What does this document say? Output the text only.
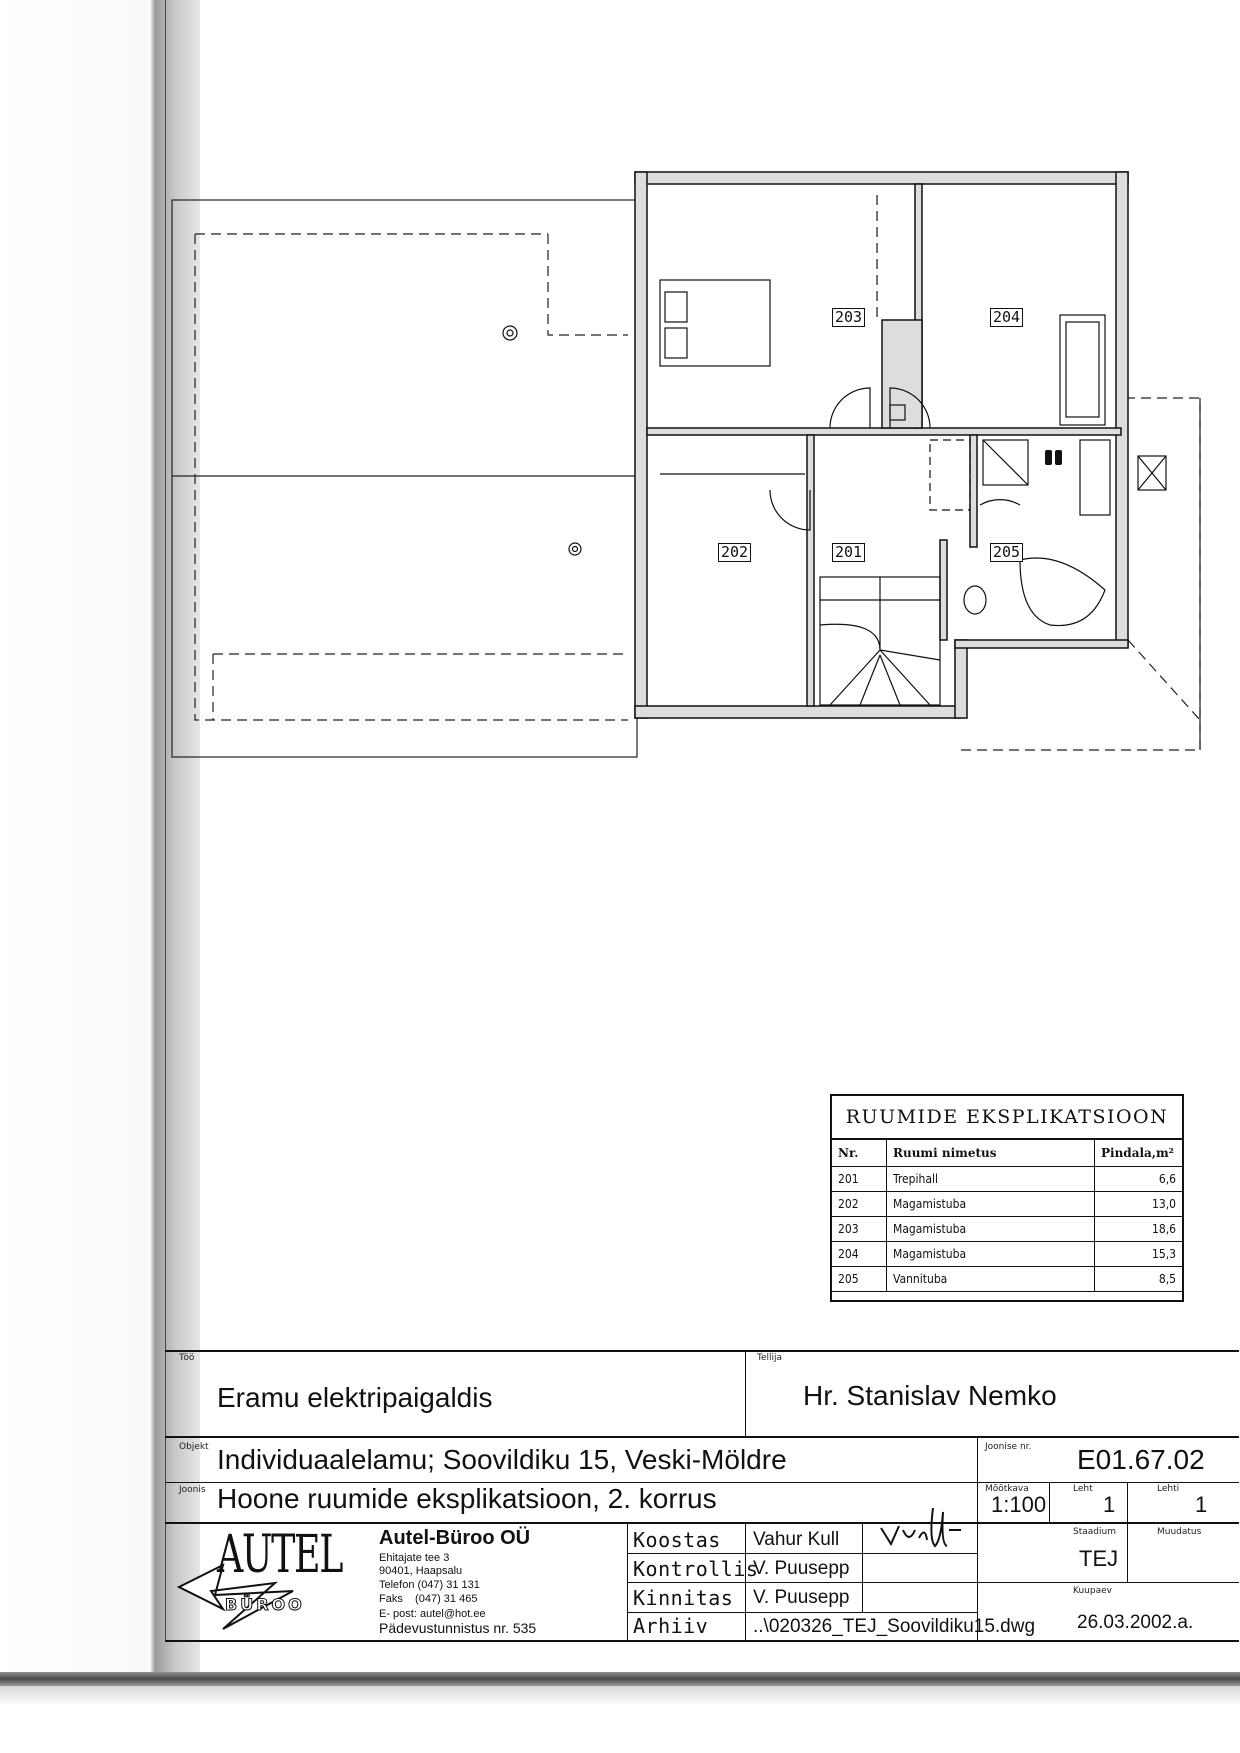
203	204
202	201	205
RUUMIDE EKSPLIKATSIOON
Nr.	Ruumi nimetus	Pindala,m²
201	Trepihall	6,6
202	Magamistuba	13,0
203	Magamistuba	18,6
204	Magamistuba	15,3
205	Vannituba	8,5
Töö
Eramu elektripaigaldis
Tellija
Hr. Stanislav Nemko
Objekt Individuaalelamu; Soovildiku 15, Veski-Möldre	Joonise nr. E01.67.02
Joonis Hoone ruumide eksplikatsioon, 2. korrus	Mõõtkava
1:100
Leht
1
Lehti
1
AUTEL
BÜROO
Autel-Büroo OÜ
Ehitajate tee 3
90401, Haapsalu
Telefon (047) 31 131
Faks    (047) 31 465
E- post: autel@hot.ee
Pädevustunnistus nr. 535
Koostas Vahur Kull
Kontrollis
V. Puusepp
Kinnitas V. Puusepp
Arhiiv ..\020326_TEJ_Soovildiku15.dwg
Staadium
TEJ
Muudatus
Kuupaev
26.03.2002.a.
